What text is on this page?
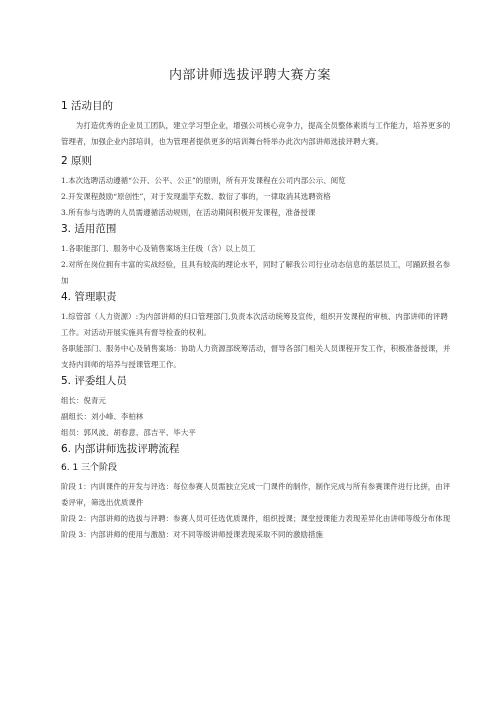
内部讲师选拔评聘大赛方案
1 活动目的

为打造优秀的企业员工团队，建立学习型企业，增强公司核心竞争力，提高全员整体素质与工作能力，培养更多的管理者，加强企业内部培训，也为管理者提供更多的培训舞台特举办此次内部讲师选拔评聘大赛。

2 原则

1.本次选聘活动遵循“公开、公平、公正”的原则，所有开发课程在公司内部公示、阅览

2.开发课程鼓励“原创性”，对于发现滥竽充数、数衍了事的，一律取消其选聘资格

3.所有参与选聘的人员需遵循活动规则，在活动期间积极开发课程，准备授课

3. 适用范围

1.各职能部门、服务中心及销售案场主任级（含）以上员工

2.对所在岗位拥有丰富的实战经验，且具有较高的理论水平，同时了解我公司行业动态信息的基层员工，可踊跃报名参加

4. 管理职责

1.综管部（人力资源）:为内部讲师的归口管理部门,负责本次活动统筹及宣传，组织开发课程的审核、内部讲师的评聘工作。对活动开展实施具有督导检查的权利。

各职能部门、服务中心及销售案场：协助人力资源部统筹活动，督导各部门相关人员课程开发工作，积极准备授课，并支持内训师的培养与授课管理工作。

5. 评委组人员

组长：倪青元

副组长：刘小峰、李柏林

组员：郭风波、胡春意、邵吉平、毕大平

6. 内部讲师选拔评聘流程
6. 1 三个阶段

阶段 1：内训课件的开发与评选：每位参赛人员需独立完成一门课件的制作，制作完成与所有参赛课件进行比拼，由评委评审，筛选出优质课件

阶段 2：内部讲师的选拔与评聘：参赛人员可任选优质课件，组织授课；课堂授课能力表现差异化由讲师等级分布体现

阶段 3：内部讲师的使用与激励：对不同等级讲师授课表现采取不同的激励措施
